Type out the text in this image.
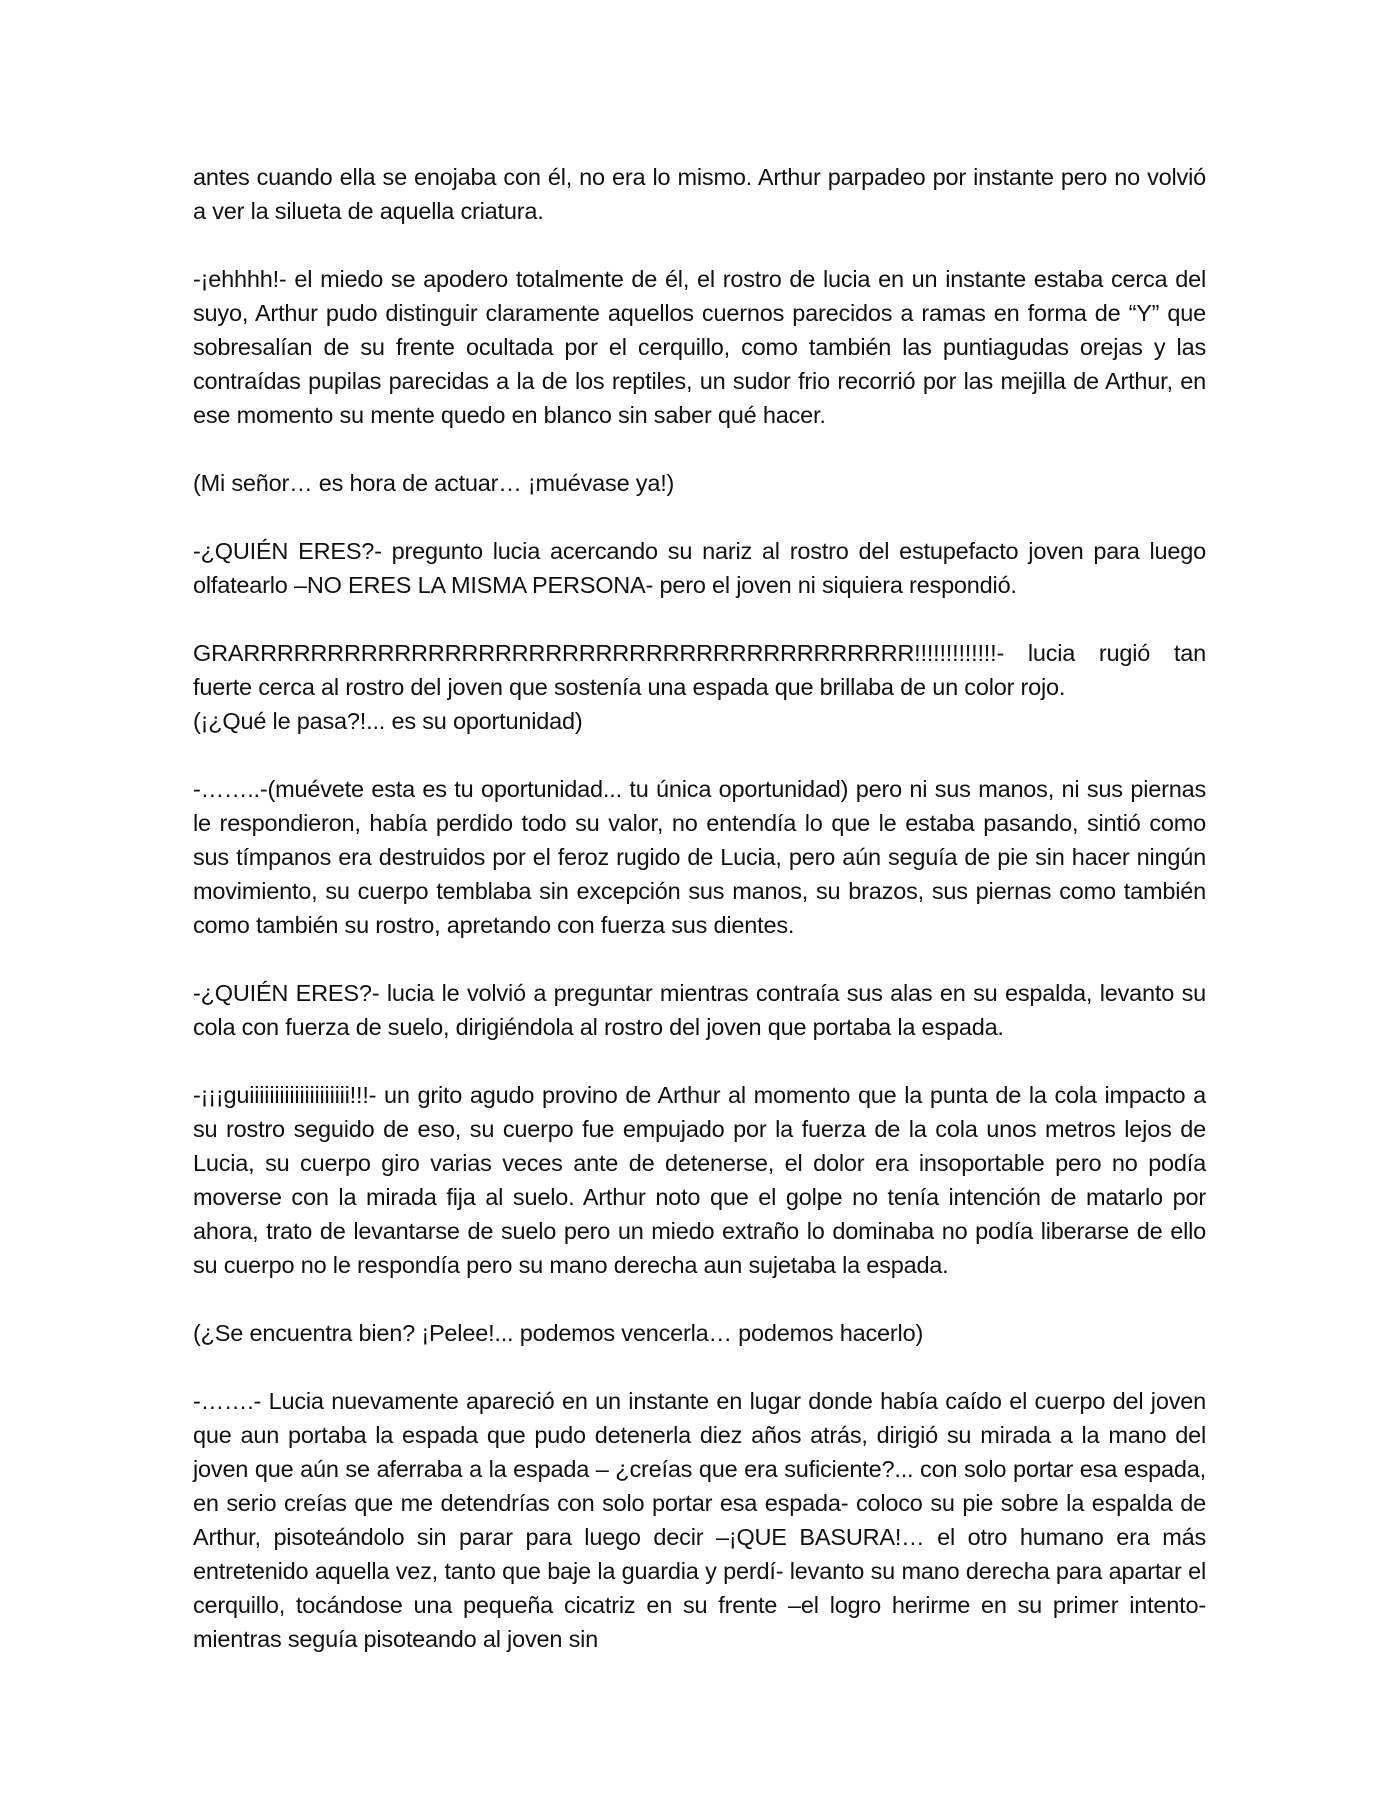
antes cuando ella se enojaba con él, no era lo mismo. Arthur parpadeo por instante pero no volvió a ver la silueta de aquella criatura.

-¡ehhhh!- el miedo se apodero totalmente de él, el rostro de lucia en un instante estaba cerca del suyo, Arthur pudo distinguir claramente aquellos cuernos parecidos a ramas en forma de “Y” que sobresalían de su frente ocultada por el cerquillo, como también las puntiagudas orejas y las contraídas pupilas parecidas a la de los reptiles, un sudor frio recorrió por las mejilla de Arthur, en ese momento su mente quedo en blanco sin saber qué hacer.

(Mi señor… es hora de actuar… ¡muévase ya!)

-¿QUIÉN ERES?- pregunto lucia acercando su nariz al rostro del estupefacto joven para luego olfatearlo –NO ERES LA MISMA PERSONA- pero el joven ni siquiera respondió.

GRARRRRRRRRRRRRRRRRRRRRRRRRRRRRRRRRRRRRRRRR!!!!!!!!!!!!!- lucia rugió tan fuerte cerca al rostro del joven que sostenía una espada que brillaba de un color rojo.

(¡¿Qué le pasa?!... es su oportunidad)

-……..-(muévete esta es tu oportunidad... tu única oportunidad) pero ni sus manos, ni sus piernas le respondieron, había perdido todo su valor, no entendía lo que le estaba pasando, sintió como sus tímpanos era destruidos por el feroz rugido de Lucia, pero aún seguía de pie sin hacer ningún movimiento, su cuerpo temblaba sin excepción sus manos, su brazos, sus piernas como también como también su rostro, apretando con fuerza sus dientes.

-¿QUIÉN ERES?- lucia le volvió a preguntar mientras contraía sus alas en su espalda, levanto su cola con fuerza de suelo, dirigiéndola al rostro del joven que portaba la espada.

-¡¡¡guiiiiiiiiiiiiiiiiiiii!!!- un grito agudo provino de Arthur al momento que la punta de la cola impacto a su rostro seguido de eso, su cuerpo fue empujado por la fuerza de la cola unos metros lejos de Lucia, su cuerpo giro varias veces ante de detenerse, el dolor era insoportable pero no podía moverse con la mirada fija al suelo. Arthur noto que el golpe no tenía intención de matarlo por ahora, trato de levantarse de suelo pero un miedo extraño lo dominaba no podía liberarse de ello su cuerpo no le respondía pero su mano derecha aun sujetaba la espada.

(¿Se encuentra bien? ¡Pelee!... podemos vencerla… podemos hacerlo)

-…….- Lucia nuevamente apareció en un instante en lugar donde había caído el cuerpo del joven que aun portaba la espada que pudo detenerla diez años atrás, dirigió su mirada a la mano del joven que aún se aferraba a la espada – ¿creías que era suficiente?... con solo portar esa espada, en serio creías que me detendrías con solo portar esa espada- coloco su pie sobre la espalda de Arthur, pisoteándolo sin parar para luego decir –¡QUE BASURA!… el otro humano era más entretenido aquella vez, tanto que baje la guardia y perdí- levanto su mano derecha para apartar el cerquillo, tocándose una pequeña cicatriz en su frente –el logro herirme en su primer intento- mientras seguía pisoteando al joven sin
